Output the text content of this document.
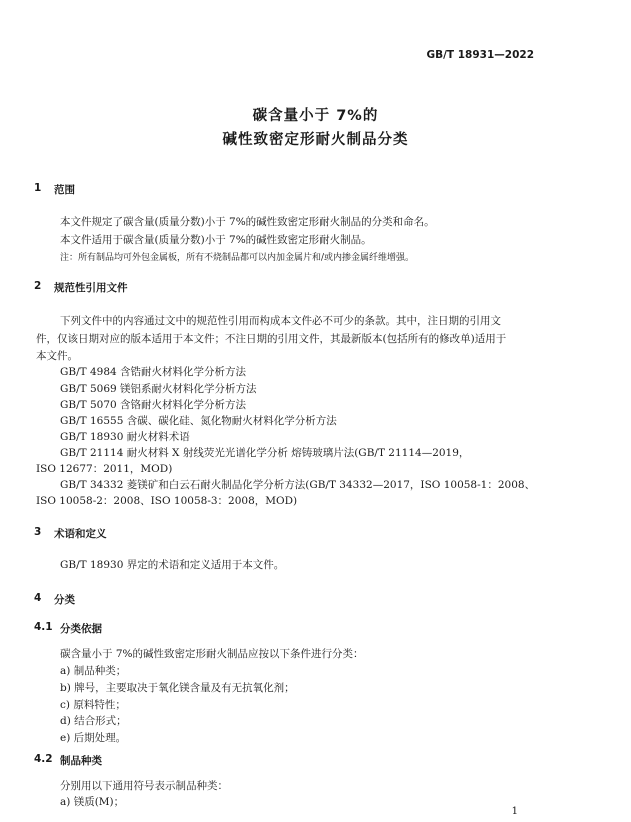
GB/T 18931—2022
碳含量小于 7%的
碱性致密定形耐火制品分类
1 范围
本文件规定了碳含量(质量分数)小于 7%的碱性致密定形耐火制品的分类和命名。
本文件适用于碳含量(质量分数)小于 7%的碱性致密定形耐火制品。
注：所有制品均可外包金属板，所有不烧制品都可以内加金属片和/或内掺金属纤维增强。
2 规范性引用文件
下列文件中的内容通过文中的规范性引用而构成本文件必不可少的条款。其中，注日期的引用文
件，仅该日期对应的版本适用于本文件；不注日期的引用文件，其最新版本(包括所有的修改单)适用于
本文件。
GB/T 4984 含锆耐火材料化学分析方法
GB/T 5069 镁铝系耐火材料化学分析方法
GB/T 5070 含铬耐火材料化学分析方法
GB/T 16555 含碳、碳化硅、氮化物耐火材料化学分析方法
GB/T 18930 耐火材料术语
GB/T 21114 耐火材料 X 射线荧光光谱化学分析 熔铸玻璃片法(GB/T 21114—2019，
ISO 12677：2011，MOD)
GB/T 34332 菱镁矿和白云石耐火制品化学分析方法(GB/T 34332—2017，ISO 10058-1：2008、
ISO 10058-2：2008、ISO 10058-3：2008，MOD)
3 术语和定义
GB/T 18930 界定的术语和定义适用于本文件。
4 分类
4.1 分类依据
碳含量小于 7%的碱性致密定形耐火制品应按以下条件进行分类：
a) 制品种类；
b) 牌号，主要取决于氧化镁含量及有无抗氧化剂；
c) 原料特性；
d) 结合形式；
e) 后期处理。
4.2 制品种类
分别用以下通用符号表示制品种类：
a) 镁质(M)；
1
